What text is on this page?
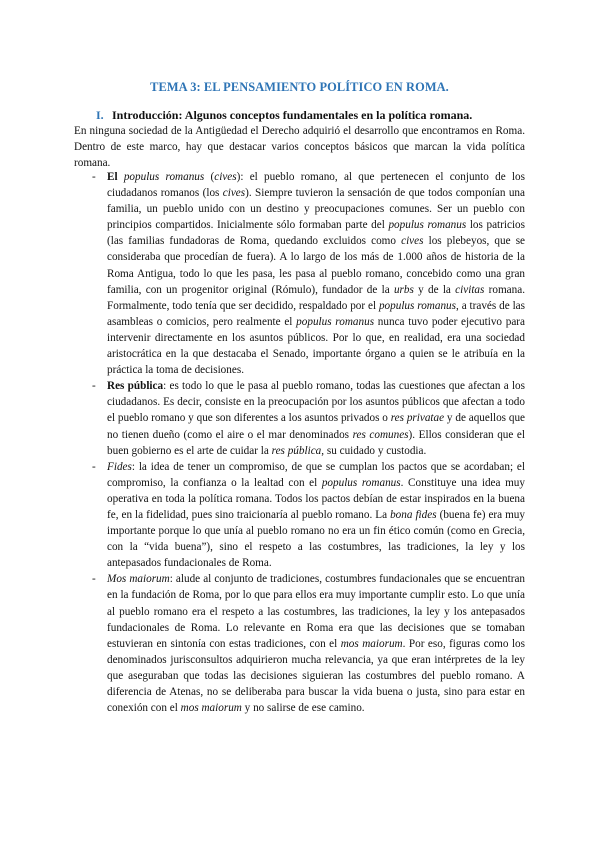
TEMA 3: EL PENSAMIENTO POLÍTICO EN ROMA.
I. Introducción: Algunos conceptos fundamentales en la política romana.

En ninguna sociedad de la Antigüedad el Derecho adquirió el desarrollo que encontramos en Roma. Dentro de este marco, hay que destacar varios conceptos básicos que marcan la vida política romana.

- El populus romanus (cives): el pueblo romano, al que pertenecen el conjunto de los ciudadanos romanos (los cives). Siempre tuvieron la sensación de que todos componían una familia, un pueblo unido con un destino y preocupaciones comunes. Ser un pueblo con principios compartidos. Inicialmente sólo formaban parte del populus romanus los patricios (las familias fundadoras de Roma, quedando excluidos como cives los plebeyos, que se consideraba que procedían de fuera). A lo largo de los más de 1.000 años de historia de la Roma Antigua, todo lo que les pasa, les pasa al pueblo romano, concebido como una gran familia, con un progenitor original (Rómulo), fundador de la urbs y de la civitas romana. Formalmente, todo tenía que ser decidido, respaldado por el populus romanus, a través de las asambleas o comicios, pero realmente el populus romanus nunca tuvo poder ejecutivo para intervenir directamente en los asuntos públicos. Por lo que, en realidad, era una sociedad aristocrática en la que destacaba el Senado, importante órgano a quien se le atribuía en la práctica la toma de decisiones.
- Res pública: es todo lo que le pasa al pueblo romano, todas las cuestiones que afectan a los ciudadanos. Es decir, consiste en la preocupación por los asuntos públicos que afectan a todo el pueblo romano y que son diferentes a los asuntos privados o res privatae y de aquellos que no tienen dueño (como el aire o el mar denominados res comunes). Ellos consideran que el buen gobierno es el arte de cuidar la res pública, su cuidado y custodia.
- Fides: la idea de tener un compromiso, de que se cumplan los pactos que se acordaban; el compromiso, la confianza o la lealtad con el populus romanus. Constituye una idea muy operativa en toda la política romana. Todos los pactos debían de estar inspirados en la buena fe, en la fidelidad, pues sino traicionaría al pueblo romano. La bona fides (buena fe) era muy importante porque lo que unía al pueblo romano no era un fin ético común (como en Grecia, con la “vida buena”), sino el respeto a las costumbres, las tradiciones, la ley y los antepasados fundacionales de Roma.
- Mos maiorum: alude al conjunto de tradiciones, costumbres fundacionales que se encuentran en la fundación de Roma, por lo que para ellos era muy importante cumplir esto. Lo que unía al pueblo romano era el respeto a las costumbres, las tradiciones, la ley y los antepasados fundacionales de Roma. Lo relevante en Roma era que las decisiones que se tomaban estuvieran en sintonía con estas tradiciones, con el mos maiorum. Por eso, figuras como los denominados jurisconsultos adquirieron mucha relevancia, ya que eran intérpretes de la ley que aseguraban que todas las decisiones siguieran las costumbres del pueblo romano. A diferencia de Atenas, no se deliberaba para buscar la vida buena o justa, sino para estar en conexión con el mos maiorum y no salirse de ese camino.
